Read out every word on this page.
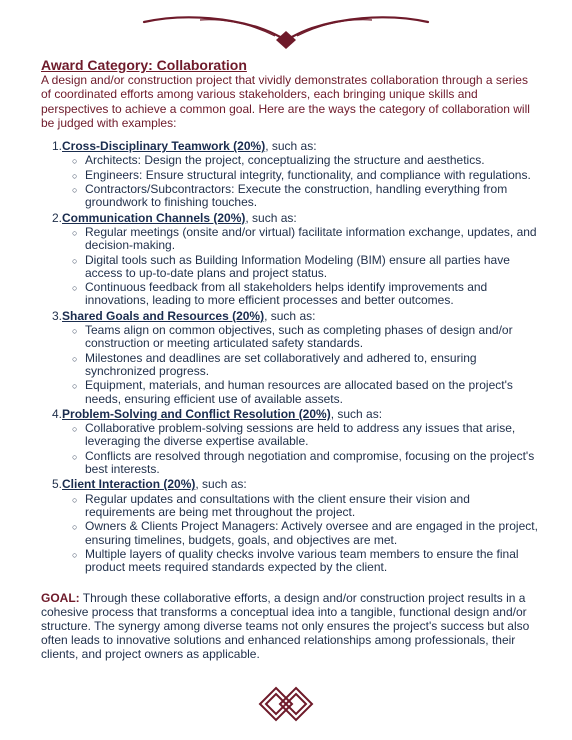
Award Category: Collaboration

A design and/or construction project that vividly demonstrates collaboration through a series of coordinated efforts among various stakeholders, each bringing unique skills and perspectives to achieve a common goal. Here are the ways the category of collaboration will be judged with examples:

1.Cross-Disciplinary Teamwork (20%), such as:
○ Architects: Design the project, conceptualizing the structure and aesthetics.
○ Engineers: Ensure structural integrity, functionality, and compliance with regulations.
○ Contractors/Subcontractors: Execute the construction, handling everything from groundwork to finishing touches.
2.Communication Channels (20%), such as:
○ Regular meetings (onsite and/or virtual) facilitate information exchange, updates, and decision-making.
○ Digital tools such as Building Information Modeling (BIM) ensure all parties have access to up-to-date plans and project status.
○ Continuous feedback from all stakeholders helps identify improvements and innovations, leading to more efficient processes and better outcomes.
3.Shared Goals and Resources (20%), such as:
○ Teams align on common objectives, such as completing phases of design and/or construction or meeting articulated safety standards.
○ Milestones and deadlines are set collaboratively and adhered to, ensuring synchronized progress.
○ Equipment, materials, and human resources are allocated based on the project's needs, ensuring efficient use of available assets.
4.Problem-Solving and Conflict Resolution (20%), such as:
○ Collaborative problem-solving sessions are held to address any issues that arise, leveraging the diverse expertise available.
○ Conflicts are resolved through negotiation and compromise, focusing on the project's best interests.
5.Client Interaction (20%), such as:
○ Regular updates and consultations with the client ensure their vision and requirements are being met throughout the project.
○ Owners & Clients Project Managers: Actively oversee and are engaged in the project, ensuring timelines, budgets, goals, and objectives are met.
○ Multiple layers of quality checks involve various team members to ensure the final product meets required standards expected by the client.

GOAL: Through these collaborative efforts, a design and/or construction project results in a cohesive process that transforms a conceptual idea into a tangible, functional design and/or structure. The synergy among diverse teams not only ensures the project's success but also often leads to innovative solutions and enhanced relationships among professionals, their clients, and project owners as applicable.
